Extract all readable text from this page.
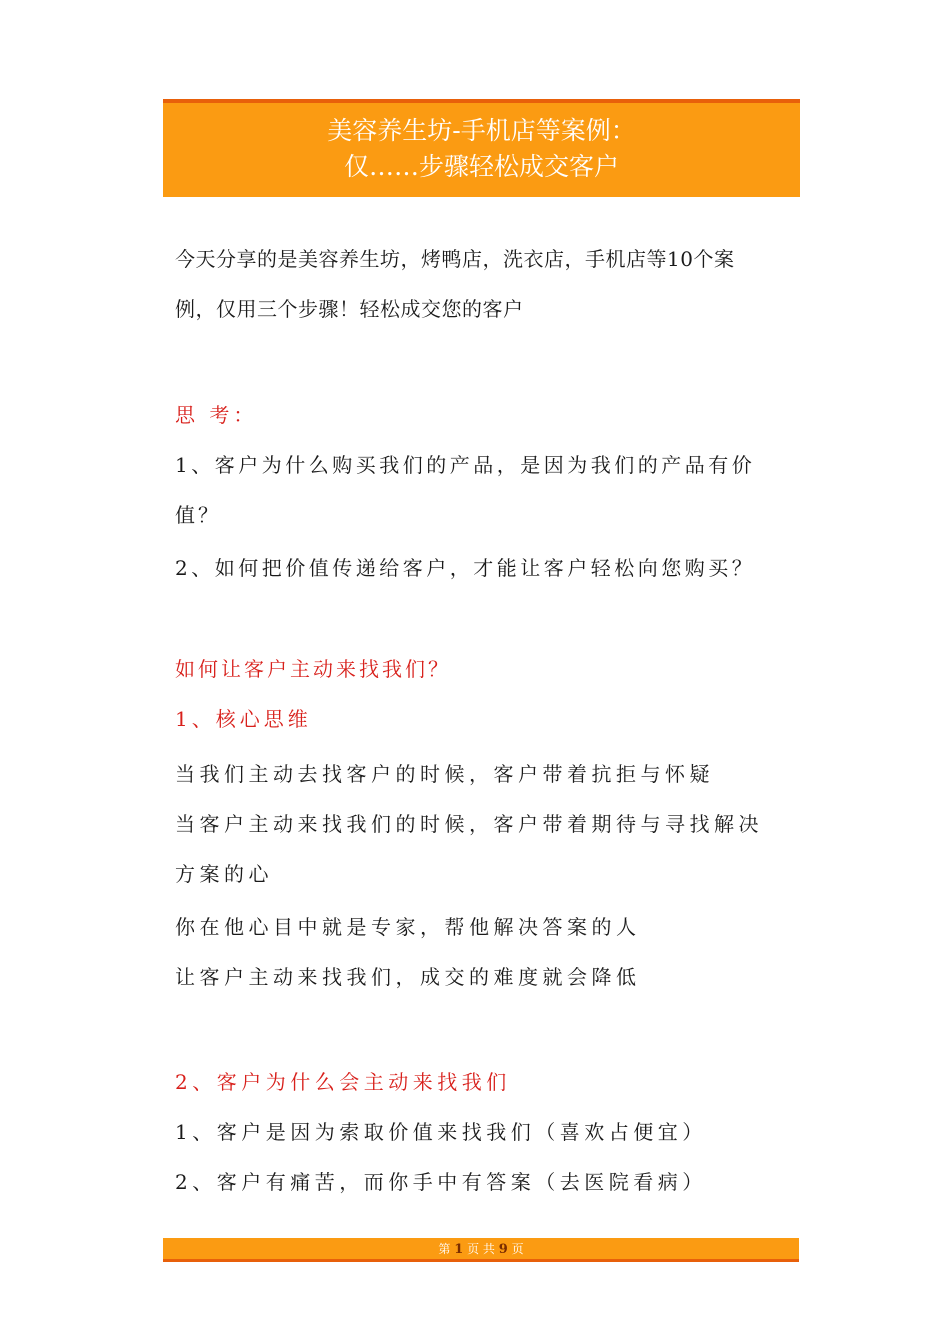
美容养生坊-手机店等案例：
仅……步骤轻松成交客户
今天分享的是美容养生坊，烤鸭店，洗衣店，手机店等10个案
例，仅用三个步骤！轻松成交您的客户
思 考：
1、客户为什么购买我们的产品，是因为我们的产品有价
值？
2、如何把价值传递给客户，才能让客户轻松向您购买？
如何让客户主动来找我们？
1、核心思维
当我们主动去找客户的时候，客户带着抗拒与怀疑
当客户主动来找我们的时候，客户带着期待与寻找解决
方案的心
你在他心目中就是专家，帮他解决答案的人
让客户主动来找我们，成交的难度就会降低
2、客户为什么会主动来找我们
1、客户是因为索取价值来找我们（喜欢占便宜）
2、客户有痛苦，而你手中有答案（去医院看病）
第 1 页 共 9 页
